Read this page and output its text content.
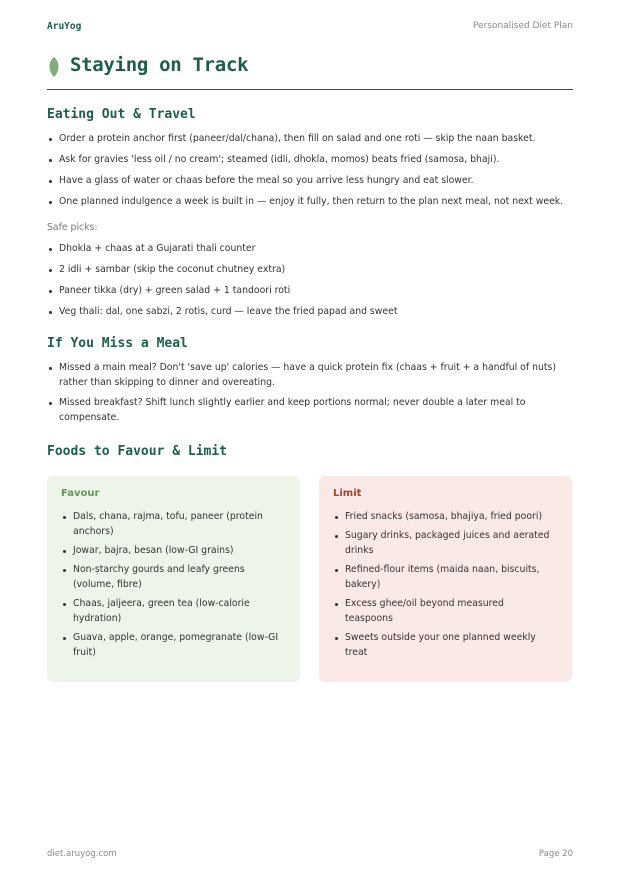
AruYog	Personalised Diet Plan
Staying on Track
Eating Out & Travel
Order a protein anchor first (paneer/dal/chana), then fill on salad and one roti — skip the naan basket.
Ask for gravies 'less oil / no cream'; steamed (idli, dhokla, momos) beats fried (samosa, bhaji).
Have a glass of water or chaas before the meal so you arrive less hungry and eat slower.
One planned indulgence a week is built in — enjoy it fully, then return to the plan next meal, not next week.
Safe picks:
Dhokla + chaas at a Gujarati thali counter
2 idli + sambar (skip the coconut chutney extra)
Paneer tikka (dry) + green salad + 1 tandoori roti
Veg thali: dal, one sabzi, 2 rotis, curd — leave the fried papad and sweet
If You Miss a Meal
Missed a main meal? Don't 'save up' calories — have a quick protein fix (chaas + fruit + a handful of nuts) rather than skipping to dinner and overeating.
Missed breakfast? Shift lunch slightly earlier and keep portions normal; never double a later meal to compensate.
Foods to Favour & Limit
Favour
Dals, chana, rajma, tofu, paneer (protein anchors)
Jowar, bajra, besan (low-GI grains)
Non-starchy gourds and leafy greens (volume, fibre)
Chaas, jaljeera, green tea (low-calorie hydration)
Guava, apple, orange, pomegranate (low-GI fruit)
Limit
Fried snacks (samosa, bhajiya, fried poori)
Sugary drinks, packaged juices and aerated drinks
Refined-flour items (maida naan, biscuits, bakery)
Excess ghee/oil beyond measured teaspoons
Sweets outside your one planned weekly treat
diet.aruyog.com	Page 20
